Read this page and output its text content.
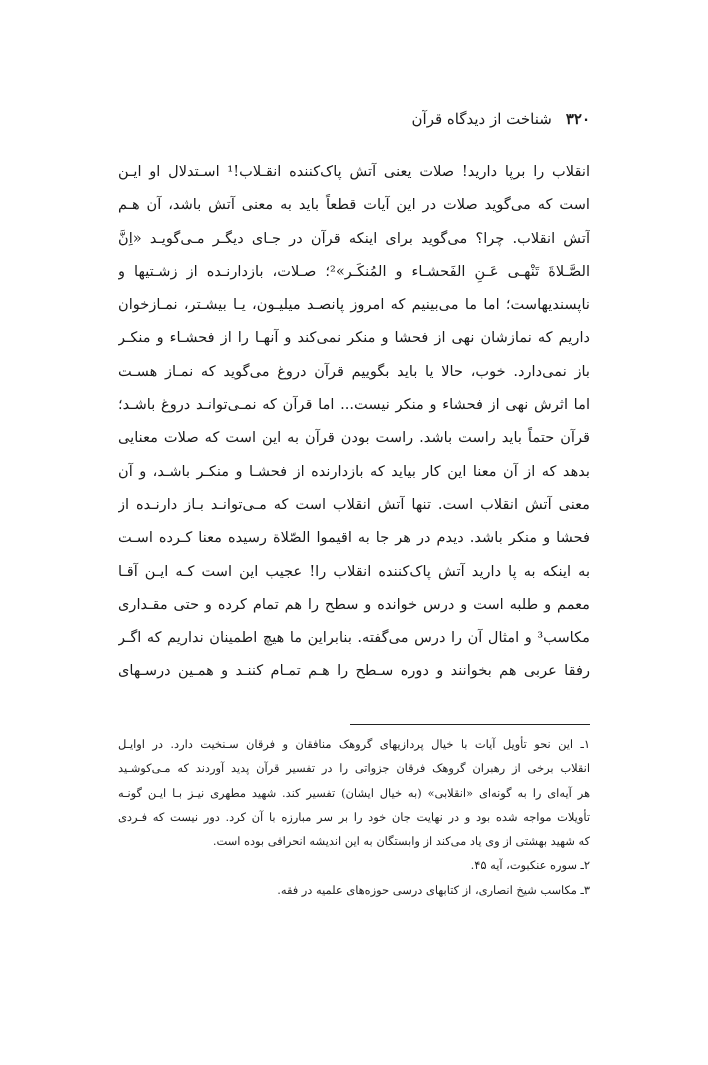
۳۲۰
شناخت از دیدگاه قرآن
انقلاب را برپا دارید! صلات یعنی آتش پاک‌کننده انقـلاب!¹ اسـتدلال او ایـن
است که می‌گوید صلات در این آیات قطعاً باید به معنی آتش باشد، آن هـم
آتش انقلاب. چرا؟ می‌گوید برای اینکه قرآن در جـای دیگـر مـی‌گویـد «اِنَّ
الصَّـلاةَ تَنْهـی عَـنِ الفَحشـاء و المُنکَـر»²؛ صـلات، بازدارنـده از زشـتیها و
ناپسندیهاست؛ اما ما می‌بینیم که امروز پانصـد میلیـون، یـا بیشـتر، نمـازخوان
داریم که نمازشان نهی از فحشا و منکر نمی‌کند و آنهـا را از فحشـاء و منکـر
باز نمی‌دارد. خوب، حالا یا باید بگوییم قرآن دروغ می‌گوید که نمـاز هسـت
اما اثرش نهی از فحشاء و منکر نیست... اما قرآن که نمـی‌توانـد دروغ باشـد؛
قرآن حتماً باید راست باشد. راست بودن قرآن به این است که صلات معنایی
بدهد که از آن معنا این کار بیاید که بازدارنده از فحشـا و منکـر باشـد، و آن
معنی آتش انقلاب است. تنها آتش انقلاب است که مـی‌توانـد بـاز دارنـده از
فحشا و منکر باشد. دیدم در هر جا به اقیموا الصّلاة رسیده معنا کـرده اسـت
به اینکه به پا دارید آتش پاک‌کننده انقلاب را! عجیب این است کـه ایـن آقـا
معمم و طلبه است و درس خوانده و سطح را هم تمام کرده و حتی مقـداری
مکاسب³ و امثال آن را درس می‌گفته. بنابراین ما هیچ اطمینان نداریم که اگـر
رفقا عربی هم بخوانند و دوره سـطح را هـم تمـام کننـد و همـین درسـهای
۱ـ این نحو تأویل آیات با خیال پردازیهای گروهک منافقان و فرقان سـنخیت دارد. در اوایـل
انقلاب برخی از رهبران گروهک فرقان جزواتی را در تفسیر قرآن پدید آوردند که مـی‌کوشـید
هر آیه‌ای را به گونه‌ای «انقلابی» (به خیال ایشان) تفسیر کند. شهید مطهری نیـز بـا ایـن گونـه
تأویلات مواجه شده بود و در نهایت جان خود را بر سر مبارزه با آن کرد. دور نیست که فـردی
که شهید بهشتی از وی یاد می‌کند از وابستگان به این اندیشه انحرافی بوده است.
۲ـ سوره عنکبوت، آیه ۴۵.
۳ـ مکاسب شیخ انصاری، از کتابهای درسی حوزه‌های علمیه در فقه.
